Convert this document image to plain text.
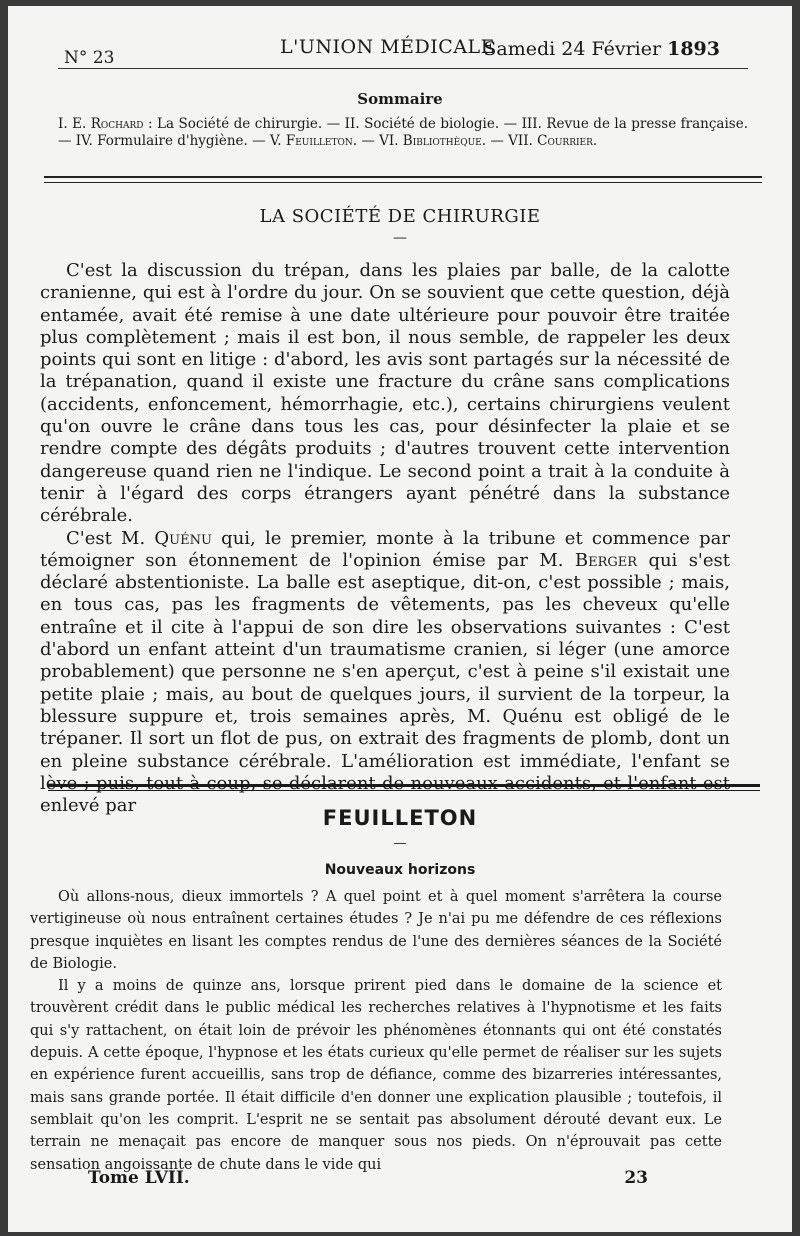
N° 23	L'UNION MÉDICALE
Samedi 24 Février 1893
Sommaire
I. E. Rochard : La Société de chirurgie. — II. Société de biologie. — III. Revue de la presse française. — IV. Formulaire d'hygiène. — V. Feuilleton. — VI. Bibliothèque. — VII. Courrier.
LA SOCIÉTÉ DE CHIRURGIE
—

C'est la discussion du trépan, dans les plaies par balle, de la calotte cranienne, qui est à l'ordre du jour. On se souvient que cette question, déjà entamée, avait été remise à une date ultérieure pour pouvoir être traitée plus complètement ; mais il est bon, il nous semble, de rappeler les deux points qui sont en litige : d'abord, les avis sont partagés sur la nécessité de la trépanation, quand il existe une fracture du crâne sans complications (accidents, enfoncement, hémorrhagie, etc.), certains chirurgiens veulent qu'on ouvre le crâne dans tous les cas, pour désinfecter la plaie et se rendre compte des dégâts produits ; d'autres trouvent cette intervention dangereuse quand rien ne l'indique. Le second point a trait à la conduite à tenir à l'égard des corps étrangers ayant pénétré dans la substance cérébrale.

C'est M. Quénu qui, le premier, monte à la tribune et commence par témoigner son étonnement de l'opinion émise par M. Berger qui s'est déclaré abstentioniste. La balle est aseptique, dit-on, c'est possible ; mais, en tous cas, pas les fragments de vêtements, pas les cheveux qu'elle entraîne et il cite à l'appui de son dire les observations suivantes : C'est d'abord un enfant atteint d'un traumatisme cranien, si léger (une amorce probablement) que personne ne s'en aperçut, c'est à peine s'il existait une petite plaie ; mais, au bout de quelques jours, il survient de la torpeur, la blessure suppure et, trois semaines après, M. Quénu est obligé de le trépaner. Il sort un flot de pus, on extrait des fragments de plomb, dont un en pleine substance cérébrale. L'amélioration est immédiate, l'enfant se lève ; puis, tout à coup, se déclarent de nouveaux accidents, et l'enfant est enlevé par

FEUILLETON
—
Nouveaux horizons

Où allons-nous, dieux immortels ? A quel point et à quel moment s'arrêtera la course vertigineuse où nous entraînent certaines études ? Je n'ai pu me défendre de ces réflexions presque inquiètes en lisant les comptes rendus de l'une des dernières séances de la Société de Biologie.

Il y a moins de quinze ans, lorsque prirent pied dans le domaine de la science et trouvèrent crédit dans le public médical les recherches relatives à l'hypnotisme et les faits qui s'y rattachent, on était loin de prévoir les phénomènes étonnants qui ont été constatés depuis. A cette époque, l'hypnose et les états curieux qu'elle permet de réaliser sur les sujets en expérience furent accueillis, sans trop de défiance, comme des bizarreries intéressantes, mais sans grande portée. Il était difficile d'en donner une explication plausible ; toutefois, il semblait qu'on les comprit. L'esprit ne se sentait pas absolument dérouté devant eux. Le terrain ne menaçait pas encore de manquer sous nos pieds. On n'éprouvait pas cette sensation angoissante de chute dans le vide qui

Tome LVII.	23
